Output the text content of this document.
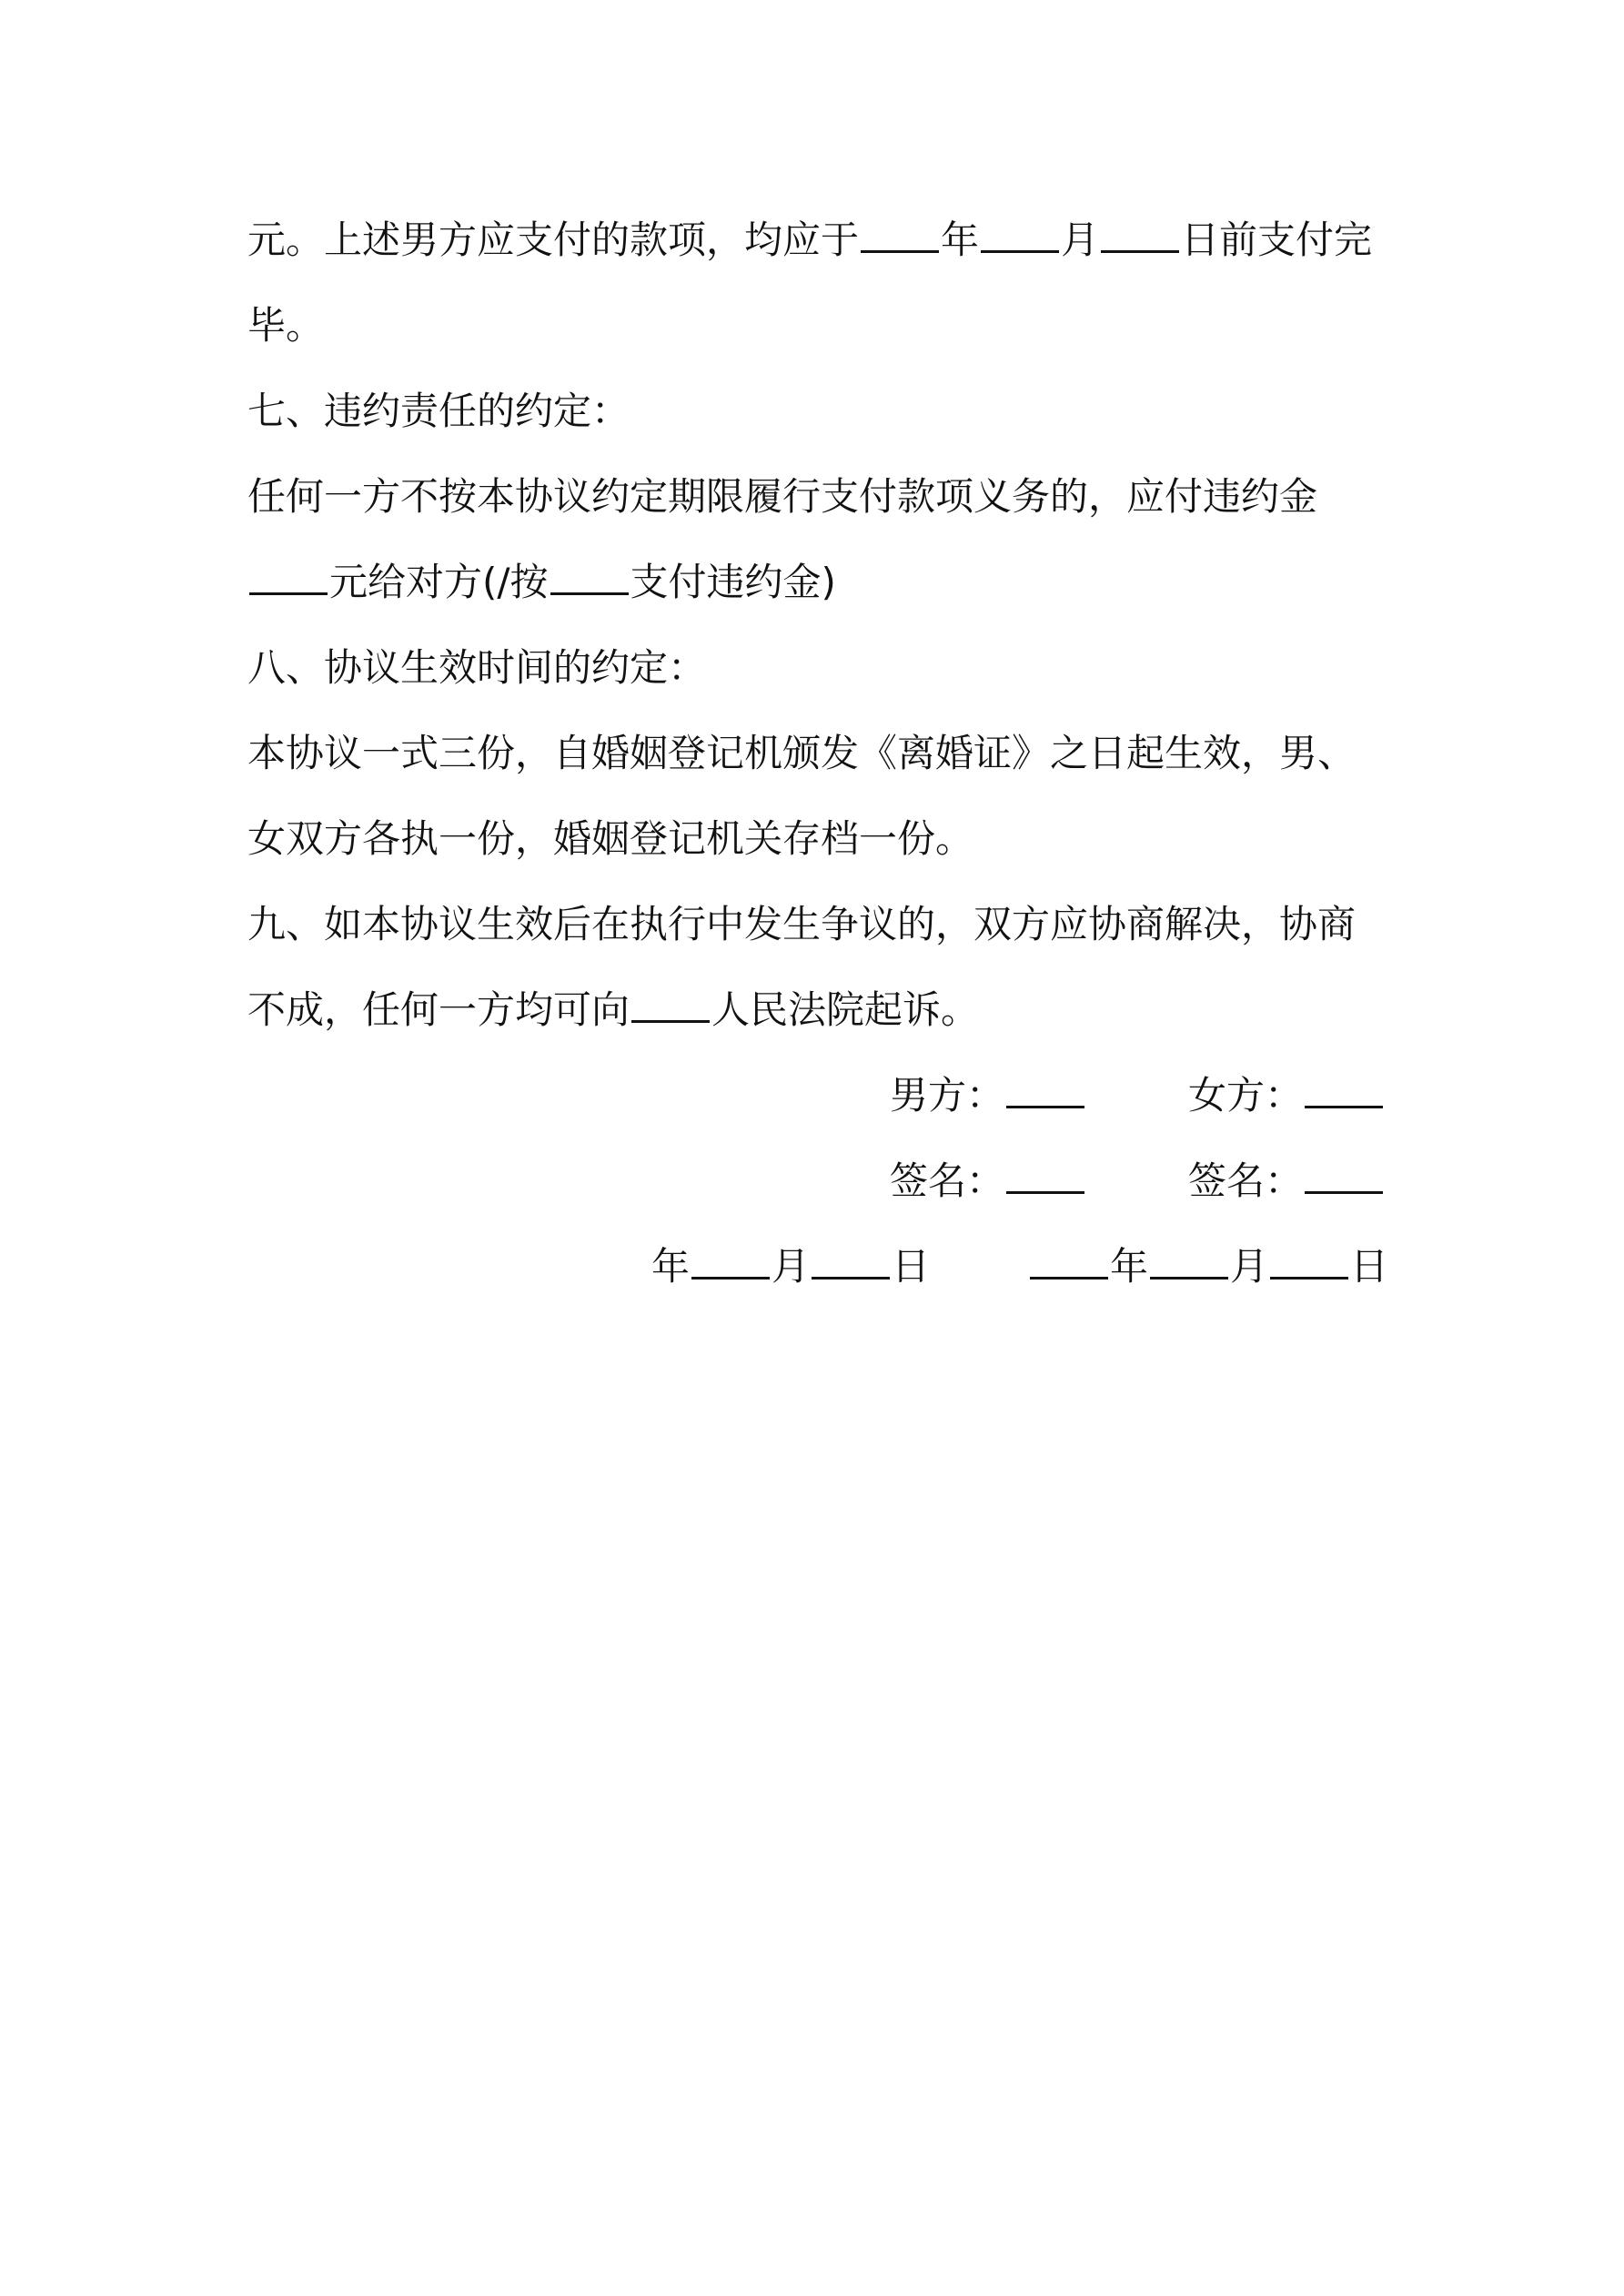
元。上述男方应支付的款项，均应于 年 月 日前支付完
毕。
七、违约责任的约定：
任何一方不按本协议约定期限履行支付款项义务的，应付违约金
元给对方(/按 支付违约金)
八、协议生效时间的约定：
本协议一式三份，自婚姻登记机颁发《离婚证》之日起生效，男、
女双方各执一份，婚姻登记机关存档一份。
九、如本协议生效后在执行中发生争议的，双方应协商解决，协商
不成，任何一方均可向 人民法院起诉。
男方：	女方：
签名：	签名：
年 月 日	年 月 日
